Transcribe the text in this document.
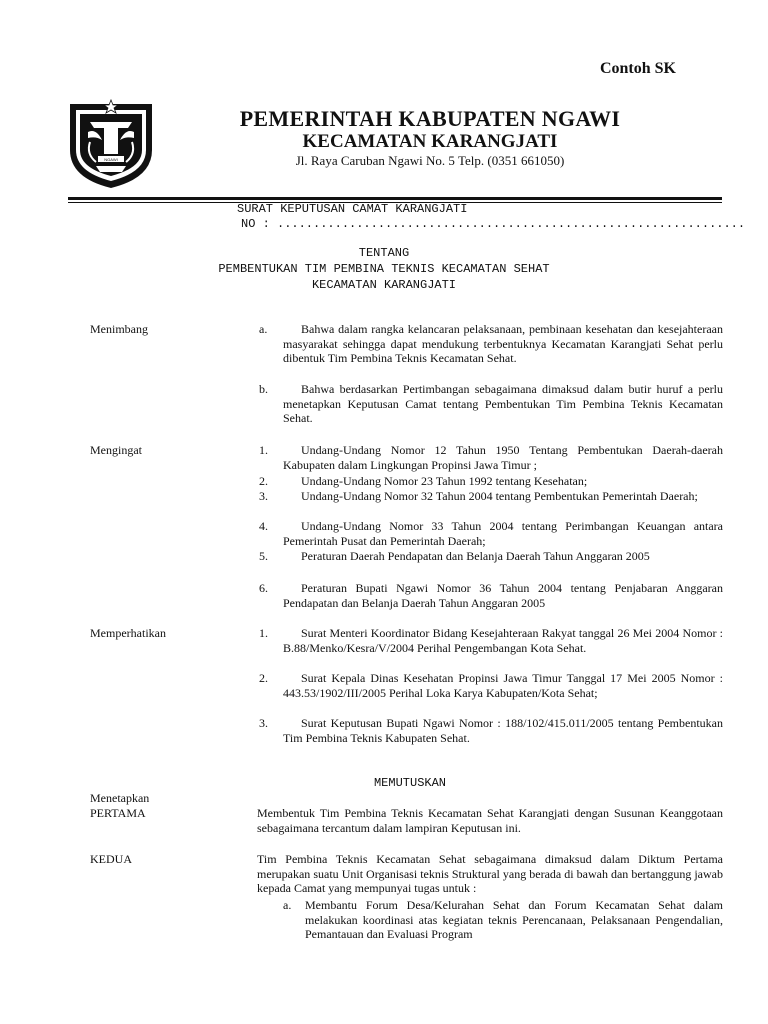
Contoh SK
NGAWI
PEMERINTAH KABUPATEN NGAWI
KECAMATAN KARANGJATI
Jl. Raya Caruban Ngawi No. 5 Telp. (0351 661050)
SURAT KEPUTUSAN CAMAT KARANGJATI
NO : .................................................................
TENTANG
PEMBENTUKAN TIM PEMBINA TEKNIS KECAMATAN SEHAT
KECAMATAN KARANGJATI
Menimbang	a.	Bahwa dalam rangka kelancaran pelaksanaan, pembinaan kesehatan dan kesejahteraan masyarakat sehingga dapat mendukung terbentuknya Kecamatan Karangjati Sehat perlu dibentuk Tim Pembina Teknis Kecamatan Sehat.
b.	Bahwa berdasarkan Pertimbangan sebagaimana dimaksud dalam butir huruf a perlu menetapkan Keputusan Camat tentang Pembentukan Tim Pembina Teknis Kecamatan Sehat.
Mengingat	1.	Undang-Undang Nomor 12 Tahun 1950 Tentang Pembentukan Daerah-daerah Kabupaten dalam Lingkungan Propinsi Jawa Timur ;
2.	Undang-Undang Nomor 23 Tahun 1992 tentang Kesehatan;
3.	Undang-Undang Nomor 32 Tahun 2004 tentang Pembentukan Pemerintah Daerah;
4.	Undang-Undang Nomor 33 Tahun 2004 tentang Perimbangan Keuangan antara Pemerintah Pusat dan Pemerintah Daerah;
5.	Peraturan Daerah Pendapatan dan Belanja Daerah Tahun Anggaran 2005
6.	Peraturan Bupati Ngawi Nomor 36 Tahun 2004 tentang Penjabaran Anggaran Pendapatan dan Belanja Daerah Tahun Anggaran 2005
Memperhatikan	1.	Surat Menteri Koordinator Bidang Kesejahteraan Rakyat tanggal 26 Mei 2004 Nomor : B.88/Menko/Kesra/V/2004 Perihal Pengembangan Kota Sehat.
2.	Surat Kepala Dinas Kesehatan Propinsi Jawa Timur Tanggal 17 Mei 2005 Nomor : 443.53/1902/III/2005 Perihal Loka Karya Kabupaten/Kota Sehat;
3.	Surat Keputusan Bupati Ngawi Nomor : 188/102/415.011/2005 tentang Pembentukan Tim Pembina Teknis Kabupaten Sehat.
MEMUTUSKAN
Menetapkan
PERTAMA	Membentuk Tim Pembina Teknis Kecamatan Sehat Karangjati dengan Susunan Keanggotaan sebagaimana tercantum dalam lampiran Keputusan ini.
KEDUA	Tim Pembina Teknis Kecamatan Sehat sebagaimana dimaksud dalam Diktum Pertama merupakan suatu Unit Organisasi teknis Struktural yang berada di bawah dan bertanggung jawab kepada Camat yang mempunyai tugas untuk :
a. Membantu Forum Desa/Kelurahan Sehat dan Forum Kecamatan Sehat dalam melakukan koordinasi atas kegiatan teknis Perencanaan, Pelaksanaan Pengendalian, Pemantauan dan Evaluasi Program
